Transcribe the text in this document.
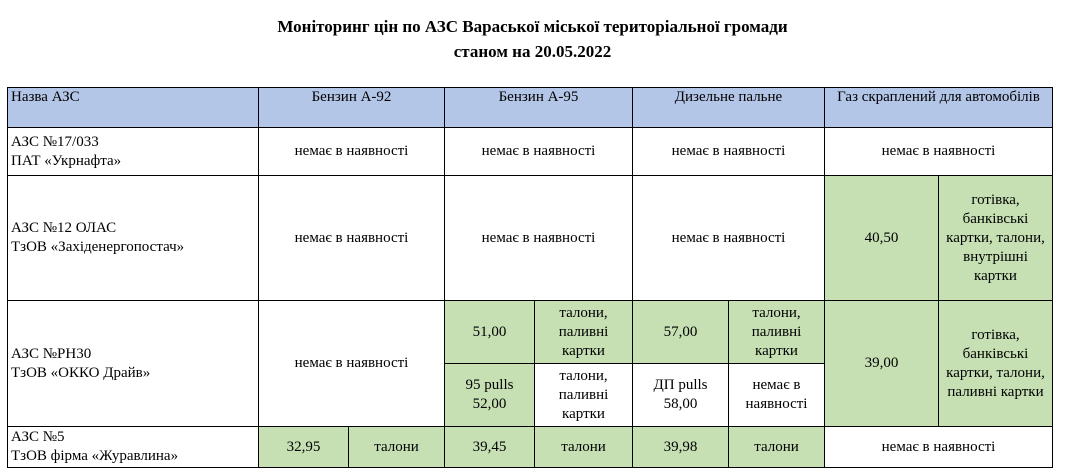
Моніторинг цін по АЗС Вараської міської територіальної громади
станом на 20.05.2022
Назва АЗС	Бензин А-92		Бензин А-95		Дизельне пальне		Газ скраплений для автомобілів	

АЗС №17/033
ПАТ «Укрнафта»	немає в наявності		немає в наявності		немає в наявності		немає в наявності	

АЗС №12 ОЛАС
ТзОВ «Західенергопостач»	немає в наявності		немає в наявності		немає в наявності		40,50	готівка, банківські картки, талони, внутрішні картки

АЗС №РН30
ТзОВ «ОККО Драйв»	немає в наявності		51,00	талони, паливні картки	57,00	талони, паливні картки	39,00	готівка, банківські картки, талони, паливні картки
			95 pulls 52,00	талони, паливні картки	ДП pulls 58,00	немає в наявності		

АЗС №5
ТзОВ фірма «Журавлина»	32,95	талони	39,45	талони	39,98	талони	немає в наявності	
